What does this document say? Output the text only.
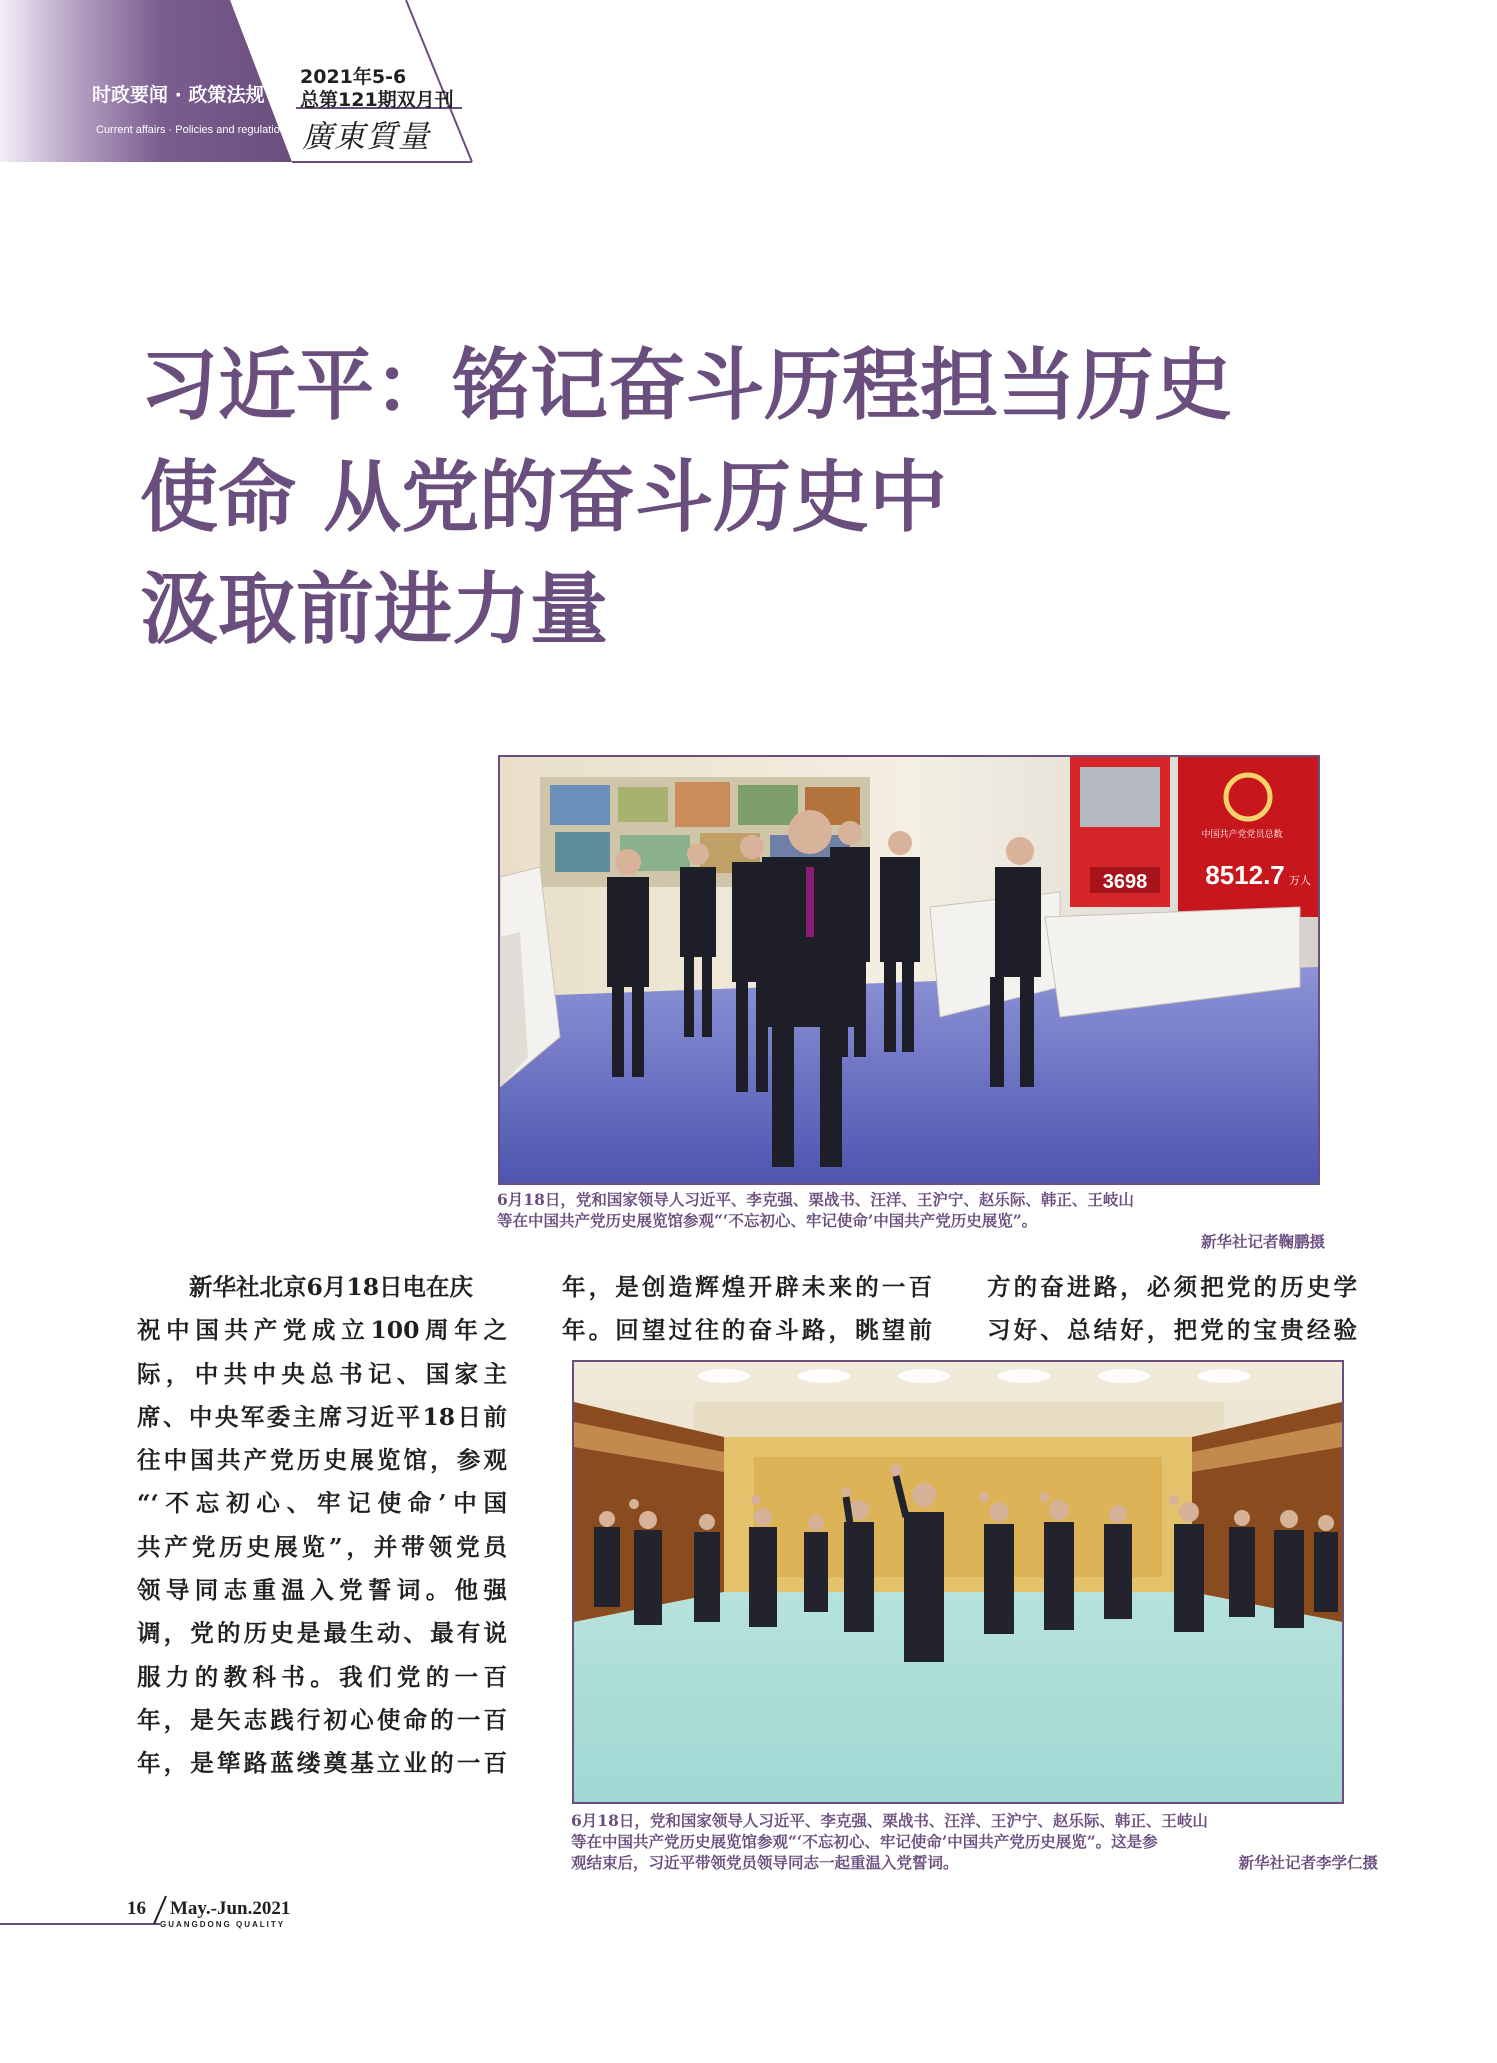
时政要闻 · 政策法规
Current affairs · Policies and regulations
2021年5-6
总第121期双月刊
廣東質量
习近平：铭记奋斗历程担当历史
使命 从党的奋斗历史中
汲取前进力量
3698
中国共产党党员总数
8512.7 万人
6月18日，党和国家领导人习近平、李克强、栗战书、汪洋、王沪宁、赵乐际、韩正、王岐山
等在中国共产党历史展览馆参观“‘不忘初心、牢记使命’中国共产党历史展览”。
新华社记者鞠鹏摄
新华社北京6月18日电在庆
祝中国共产党成立100周年之
际，中共中央总书记、国家主
席、中央军委主席习近平18日前
往中国共产党历史展览馆，参观
“‘不忘初心、牢记使命’中国
共产党历史展览”，并带领党员
领导同志重温入党誓词。他强
调，党的历史是最生动、最有说
服力的教科书。我们党的一百
年，是矢志践行初心使命的一百
年，是筚路蓝缕奠基立业的一百
年，是创造辉煌开辟未来的一百
年。回望过往的奋斗路，眺望前
方的奋进路，必须把党的历史学
习好、总结好，把党的宝贵经验
6月18日，党和国家领导人习近平、李克强、栗战书、汪洋、王沪宁、赵乐际、韩正、王岐山
等在中国共产党历史展览馆参观“‘不忘初心、牢记使命’中国共产党历史展览”。这是参
观结束后，习近平带领党员领导同志一起重温入党誓词。	新华社记者李学仁摄
16 May.-Jun.2021
GUANGDONG QUALITY
